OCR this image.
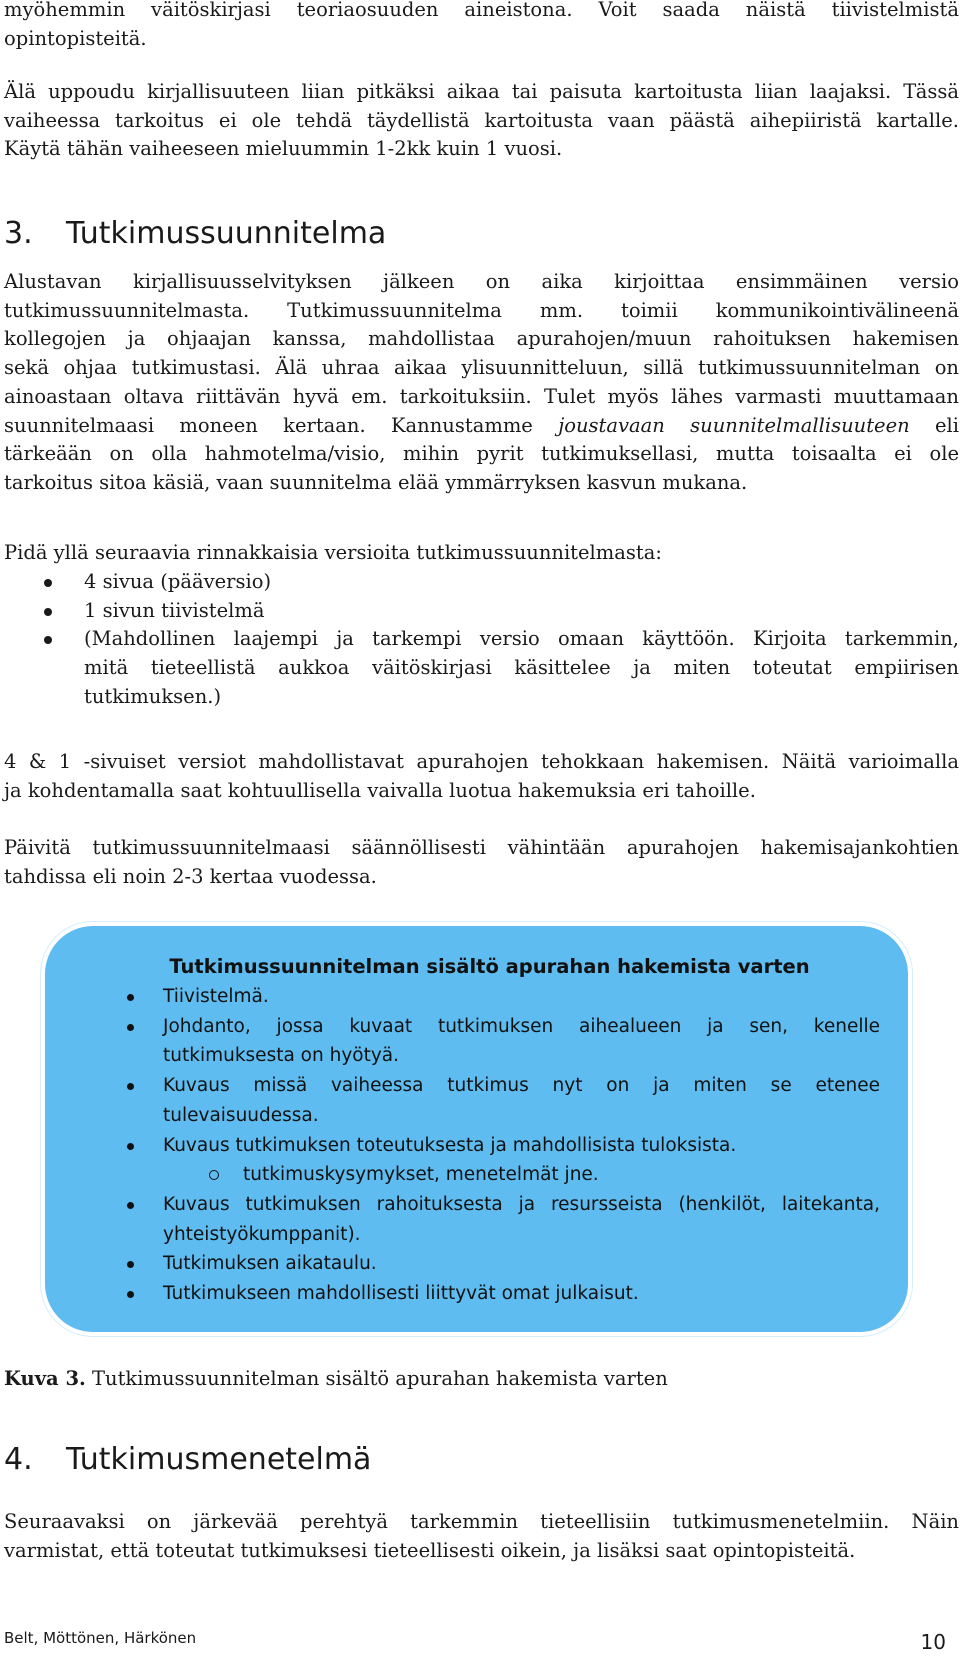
myöhemmin väitöskirjasi teoriaosuuden aineistona. Voit saada näistä tiivistelmistä
opintopisteitä.
Älä uppoudu kirjallisuuteen liian pitkäksi aikaa tai paisuta kartoitusta liian laajaksi. Tässä
vaiheessa tarkoitus ei ole tehdä täydellistä kartoitusta vaan päästä aihepiiristä kartalle.
Käytä tähän vaiheeseen mieluummin 1-2kk kuin 1 vuosi.
3. Tutkimussuunnitelma
Alustavan kirjallisuusselvityksen jälkeen on aika kirjoittaa ensimmäinen versio
tutkimussuunnitelmasta. Tutkimussuunnitelma mm. toimii kommunikointivälineenä
kollegojen ja ohjaajan kanssa, mahdollistaa apurahojen/muun rahoituksen hakemisen
sekä ohjaa tutkimustasi. Älä uhraa aikaa ylisuunnitteluun, sillä tutkimussuunnitelman on
ainoastaan oltava riittävän hyvä em. tarkoituksiin. Tulet myös lähes varmasti muuttamaan
suunnitelmaasi moneen kertaan. Kannustamme joustavaan suunnitelmallisuuteen eli
tärkeään on olla hahmotelma/visio, mihin pyrit tutkimuksellasi, mutta toisaalta ei ole
tarkoitus sitoa käsiä, vaan suunnitelma elää ymmärryksen kasvun mukana.
Pidä yllä seuraavia rinnakkaisia versioita tutkimussuunnitelmasta:
4 sivua (pääversio)
1 sivun tiivistelmä
(Mahdollinen laajempi ja tarkempi versio omaan käyttöön. Kirjoita tarkemmin,
mitä tieteellistä aukkoa väitöskirjasi käsittelee ja miten toteutat empiirisen
tutkimuksen.)
4 & 1 -sivuiset versiot mahdollistavat apurahojen tehokkaan hakemisen. Näitä varioimalla
ja kohdentamalla saat kohtuullisella vaivalla luotua hakemuksia eri tahoille.
Päivitä tutkimussuunnitelmaasi säännöllisesti vähintään apurahojen hakemisajankohtien
tahdissa eli noin 2-3 kertaa vuodessa.

Tutkimussuunnitelman sisältö apurahan hakemista varten

Tiivistelmä.
Johdanto, jossa kuvaat tutkimuksen aihealueen ja sen, kenelle
tutkimuksesta on hyötyä.
Kuvaus missä vaiheessa tutkimus nyt on ja miten se etenee
tulevaisuudessa.
Kuvaus tutkimuksen toteutuksesta ja mahdollisista tuloksista.
tutkimuskysymykset, menetelmät jne.
Kuvaus tutkimuksen rahoituksesta ja resursseista (henkilöt, laitekanta,
yhteistyökumppanit).
Tutkimuksen aikataulu.
Tutkimukseen mahdollisesti liittyvät omat julkaisut.

Kuva 3. Tutkimussuunnitelman sisältö apurahan hakemista varten

4. Tutkimusmenetelmä
Seuraavaksi on järkevää perehtyä tarkemmin tieteellisiin tutkimusmenetelmiin. Näin
varmistat, että toteutat tutkimuksesi tieteellisesti oikein, ja lisäksi saat opintopisteitä.

Belt, Möttönen, Härkönen	10
